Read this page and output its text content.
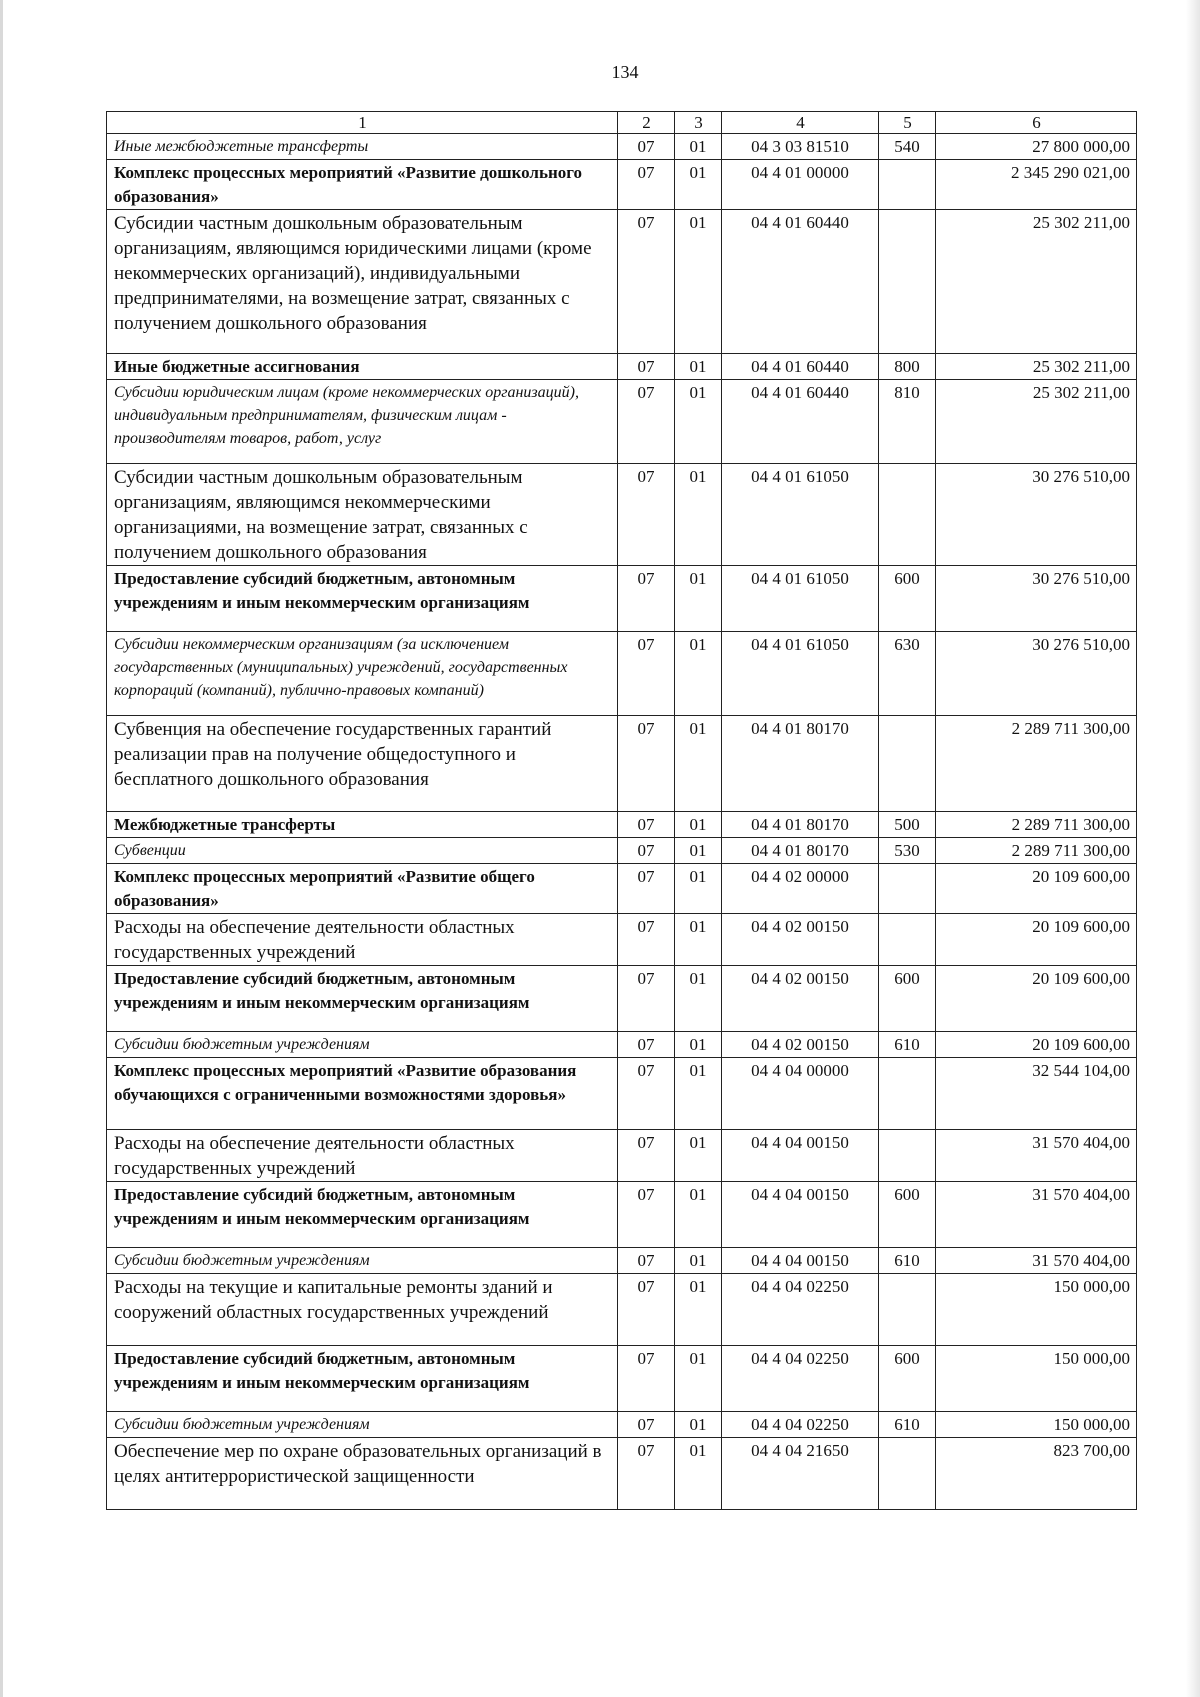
134
1	2	3	4	5	6
Иные межбюджетные трансферты	07	01	04 3 03 81510	540	27 800 000,00
Комплекс процессных мероприятий «Развитие дошкольного образования»	07	01	04 4 01 00000		2 345 290 021,00
Субсидии частным дошкольным образовательным организациям, являющимся юридическими лицами (кроме некоммерческих организаций), индивидуальными предпринимателями, на возмещение затрат, связанных с получением дошкольного образования	07	01	04 4 01 60440		25 302 211,00
Иные бюджетные ассигнования	07	01	04 4 01 60440	800	25 302 211,00
Субсидии юридическим лицам (кроме некоммерческих организаций), индивидуальным предпринимателям, физическим лицам - производителям товаров, работ, услуг	07	01	04 4 01 60440	810	25 302 211,00
Субсидии частным дошкольным образовательным организациям, являющимся некоммерческими организациями, на возмещение затрат, связанных с получением дошкольного образования	07	01	04 4 01 61050		30 276 510,00
Предоставление субсидий бюджетным, автономным учреждениям и иным некоммерческим организациям	07	01	04 4 01 61050	600	30 276 510,00
Субсидии некоммерческим организациям (за исключением государственных (муниципальных) учреждений, государственных корпораций (компаний), публично-правовых компаний)	07	01	04 4 01 61050	630	30 276 510,00
Субвенция на обеспечение государственных гарантий реализации прав на получение общедоступного и бесплатного дошкольного образования	07	01	04 4 01 80170		2 289 711 300,00
Межбюджетные трансферты	07	01	04 4 01 80170	500	2 289 711 300,00
Субвенции	07	01	04 4 01 80170	530	2 289 711 300,00
Комплекс процессных мероприятий «Развитие общего образования»	07	01	04 4 02 00000		20 109 600,00
Расходы на обеспечение деятельности областных государственных учреждений	07	01	04 4 02 00150		20 109 600,00
Предоставление субсидий бюджетным, автономным учреждениям и иным некоммерческим организациям	07	01	04 4 02 00150	600	20 109 600,00
Субсидии бюджетным учреждениям	07	01	04 4 02 00150	610	20 109 600,00
Комплекс процессных мероприятий «Развитие образования обучающихся с ограниченными возможностями здоровья»	07	01	04 4 04 00000		32 544 104,00
Расходы на обеспечение деятельности областных государственных учреждений	07	01	04 4 04 00150		31 570 404,00
Предоставление субсидий бюджетным, автономным учреждениям и иным некоммерческим организациям	07	01	04 4 04 00150	600	31 570 404,00
Субсидии бюджетным учреждениям	07	01	04 4 04 00150	610	31 570 404,00
Расходы на текущие и капитальные ремонты зданий и сооружений областных государственных учреждений	07	01	04 4 04 02250		150 000,00
Предоставление субсидий бюджетным, автономным учреждениям и иным некоммерческим организациям	07	01	04 4 04 02250	600	150 000,00
Субсидии бюджетным учреждениям	07	01	04 4 04 02250	610	150 000,00
Обеспечение мер по охране образовательных организаций в целях антитеррористической защищенности	07	01	04 4 04 21650		823 700,00
